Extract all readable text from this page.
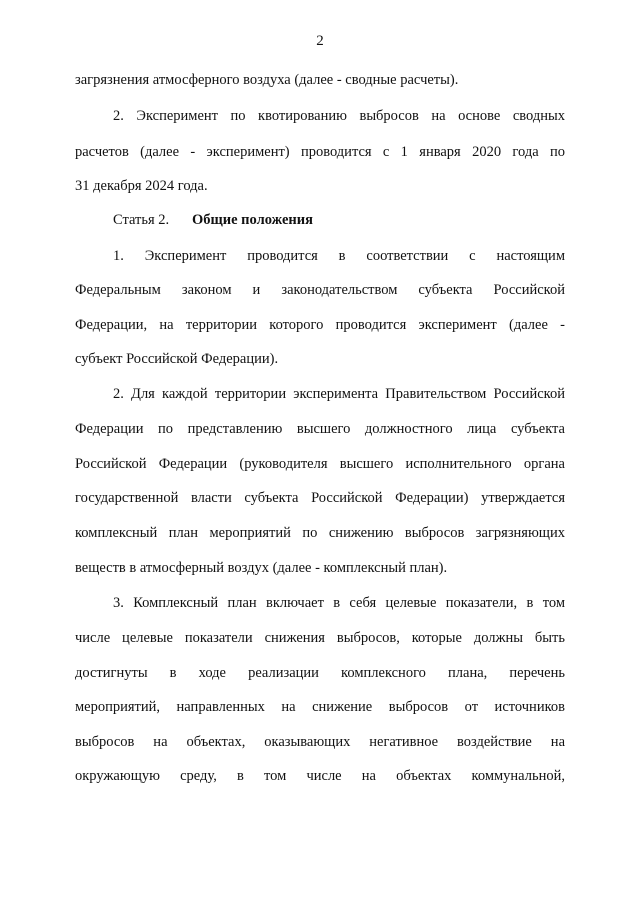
2
загрязнения атмосферного воздуха (далее - сводные расчеты).
2. Эксперимент по квотированию выбросов на основе сводных
расчетов (далее - эксперимент) проводится с 1 января 2020 года по
31 декабря 2024 года.
Статья 2. Общие положения
1. Эксперимент проводится в соответствии с настоящим
Федеральным законом и законодательством субъекта Российской
Федерации, на территории которого проводится эксперимент (далее -
субъект Российской Федерации).
2. Для каждой территории эксперимента Правительством Российской
Федерации по представлению высшего должностного лица субъекта
Российской Федерации (руководителя высшего исполнительного органа
государственной власти субъекта Российской Федерации) утверждается
комплексный план мероприятий по снижению выбросов загрязняющих
веществ в атмосферный воздух (далее - комплексный план).
3. Комплексный план включает в себя целевые показатели, в том
числе целевые показатели снижения выбросов, которые должны быть
достигнуты в ходе реализации комплексного плана, перечень
мероприятий, направленных на снижение выбросов от источников
выбросов на объектах, оказывающих негативное воздействие на
окружающую среду, в том числе на объектах коммунальной,
